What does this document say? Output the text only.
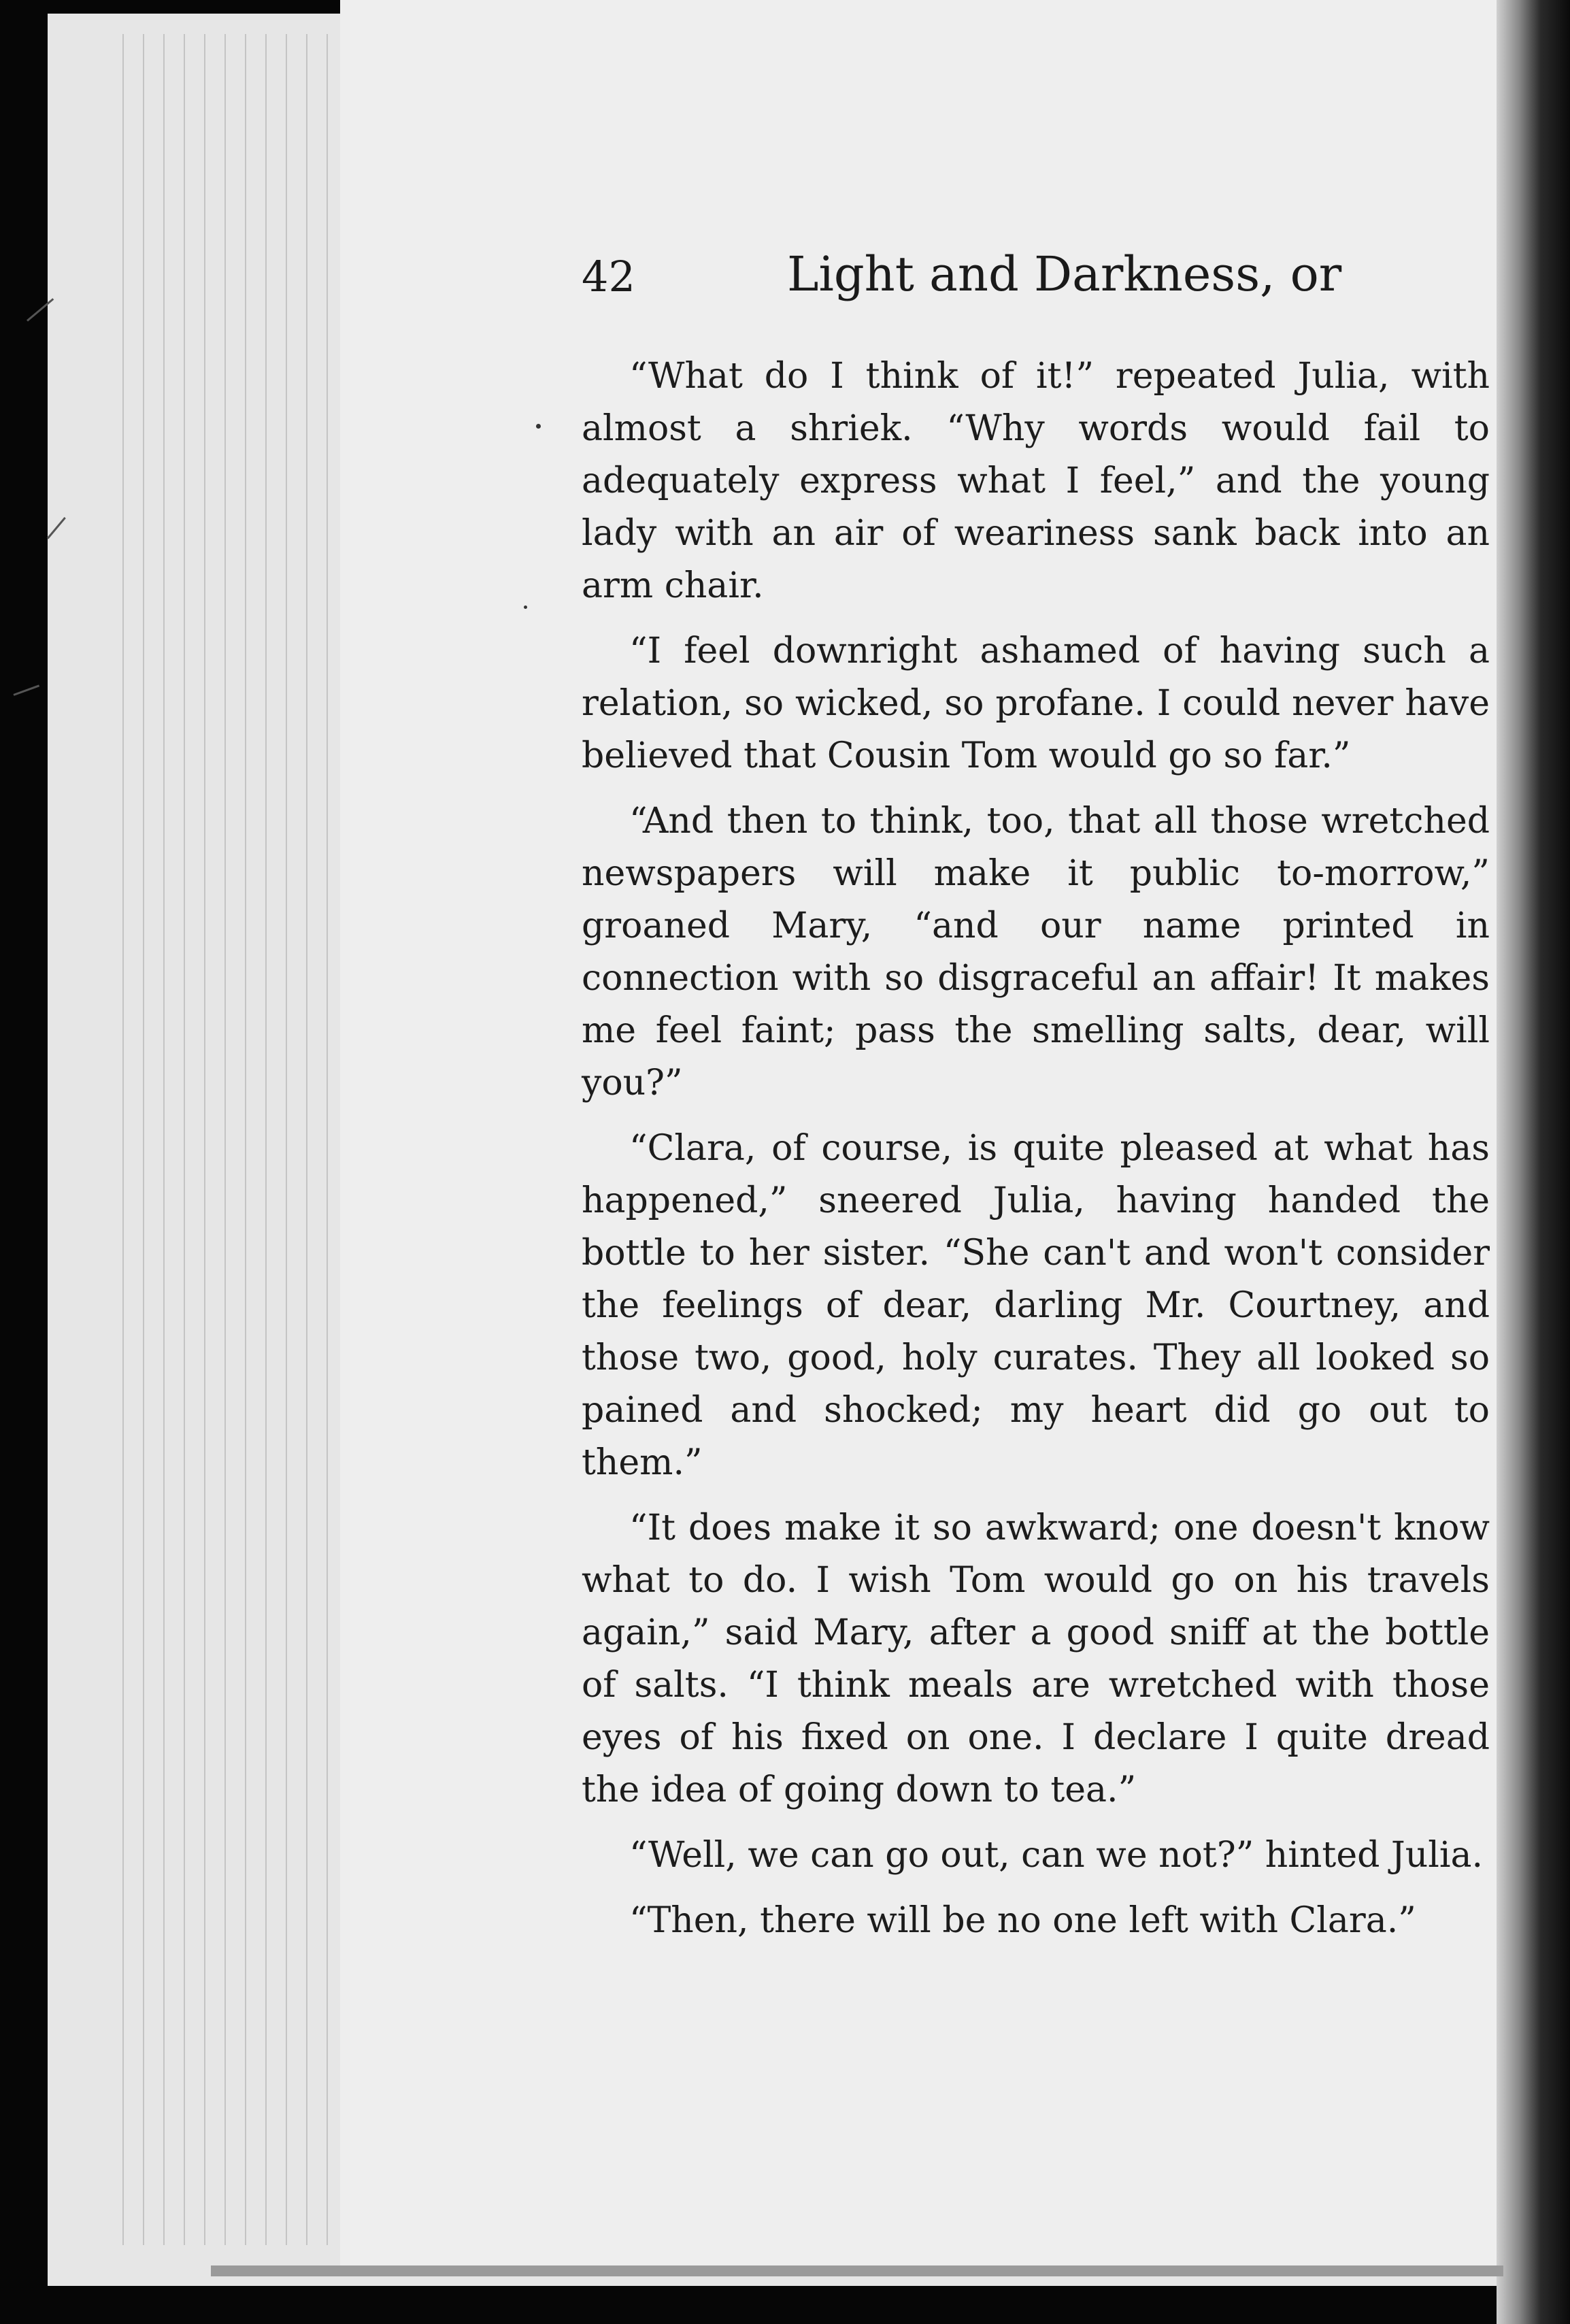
42	Light and Darkness, or

“What do I think of it!” repeated Julia, with almost a shriek. “Why words would fail to adequately express what I feel,” and the young lady with an air of weariness sank back into an arm chair.

“I feel downright ashamed of having such a relation, so wicked, so profane. I could never have believed that Cousin Tom would go so far.”

“And then to think, too, that all those wretched newspapers will make it public to-morrow,” groaned Mary, “and our name printed in connection with so disgraceful an affair! It makes me feel faint; pass the smelling salts, dear, will you?”

“Clara, of course, is quite pleased at what has happened,” sneered Julia, having handed the bottle to her sister. “She can't and won't consider the feelings of dear, darling Mr. Courtney, and those two, good, holy curates. They all looked so pained and shocked; my heart did go out to them.”

“It does make it so awkward; one doesn't know what to do. I wish Tom would go on his travels again,” said Mary, after a good sniff at the bottle of salts. “I think meals are wretched with those eyes of his fixed on one. I declare I quite dread the idea of going down to tea.”

“Well, we can go out, can we not?” hinted Julia.

“Then, there will be no one left with Clara.”
